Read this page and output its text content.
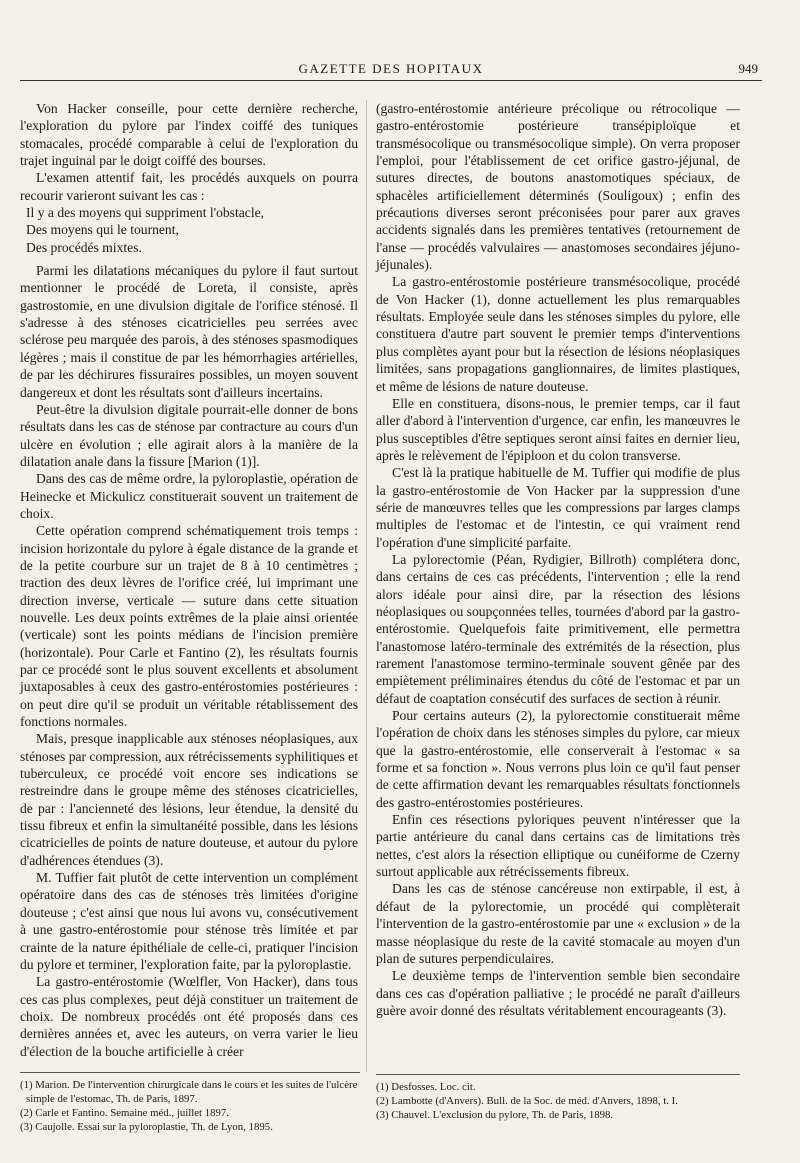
GAZETTE DES HOPITAUX	949

Von Hacker conseille, pour cette dernière recherche, l'exploration du pylore par l'index coiffé des tuniques stomacales, procédé comparable à celui de l'exploration du trajet inguinal par le doigt coiffé des bourses.

L'examen attentif fait, les procédés auxquels on pourra recourir varieront suivant les cas :

Il y a des moyens qui suppriment l'obstacle,

Des moyens qui le tournent,

Des procédés mixtes.

Parmi les dilatations mécaniques du pylore il faut surtout mentionner le procédé de Loreta, il consiste, après gastrostomie, en une divulsion digitale de l'orifice sténosé. Il s'adresse à des sténoses cicatricielles peu serrées avec sclérose peu marquée des parois, à des sténoses spasmodiques légères ; mais il constitue de par les hémorrhagies artérielles, de par les déchirures fissuraires possibles, un moyen souvent dangereux et dont les résultats sont d'ailleurs incertains.

Peut-être la divulsion digitale pourrait-elle donner de bons résultats dans les cas de sténose par contracture au cours d'un ulcère en évolution ; elle agirait alors à la manière de la dilatation anale dans la fissure [Marion (1)].

Dans des cas de même ordre, la pyloroplastie, opération de Heinecke et Mickulicz constituerait souvent un traitement de choix.

Cette opération comprend schématiquement trois temps : incision horizontale du pylore à égale distance de la grande et de la petite courbure sur un trajet de 8 à 10 centimètres ; traction des deux lèvres de l'orifice créé, lui imprimant une direction inverse, verticale — suture dans cette situation nouvelle. Les deux points extrêmes de la plaie ainsi orientée (verticale) sont les points médians de l'incision première (horizontale). Pour Carle et Fantino (2), les résultats fournis par ce procédé sont le plus souvent excellents et absolument juxtaposables à ceux des gastro-entérostomies postérieures : on peut dire qu'il se produit un véritable rétablissement des fonctions normales.

Mais, presque inapplicable aux sténoses néoplasiques, aux sténoses par compression, aux rétrécissements syphilitiques et tuberculeux, ce procédé voit encore ses indications se restreindre dans le groupe même des sténoses cicatricielles, de par : l'ancienneté des lésions, leur étendue, la densité du tissu fibreux et enfin la simultanéité possible, dans les lésions cicatricielles de points de nature douteuse, et autour du pylore d'adhérences étendues (3).

M. Tuffier fait plutôt de cette intervention un complément opératoire dans des cas de sténoses très limitées d'origine douteuse ; c'est ainsi que nous lui avons vu, consécutivement à une gastro-entérostomie pour sténose très limitée et par crainte de la nature épithéliale de celle-ci, pratiquer l'incision du pylore et terminer, l'exploration faite, par la pyloroplastie.

La gastro-entérostomie (Wœlfler, Von Hacker), dans tous ces cas plus complexes, peut déjà constituer un traitement de choix. De nombreux procédés ont été proposés dans ces dernières années et, avec les auteurs, on verra varier le lieu d'élection de la bouche artificielle à créer

(gastro-entérostomie antérieure précolique ou rétrocolique — gastro-entérostomie postérieure transépiploïque et transmésocolique ou transmésocolique simple). On verra proposer l'emploi, pour l'établissement de cet orifice gastro-jéjunal, de sutures directes, de boutons anastomotiques spéciaux, de sphacèles artificiellement déterminés (Souligoux) ; enfin des précautions diverses seront préconisées pour parer aux graves accidents signalés dans les premières tentatives (retournement de l'anse — procédés valvulaires — anastomoses secondaires jéjuno-jéjunales).

La gastro-entérostomie postérieure transmésocolique, procédé de Von Hacker (1), donne actuellement les plus remarquables résultats. Employée seule dans les sténoses simples du pylore, elle constituera d'autre part souvent le premier temps d'interventions plus complètes ayant pour but la résection de lésions néoplasiques limitées, sans propagations ganglionnaires, de limites plastiques, et même de lésions de nature douteuse.

Elle en constituera, disons-nous, le premier temps, car il faut aller d'abord à l'intervention d'urgence, car enfin, les manœuvres le plus susceptibles d'être septiques seront ainsi faites en dernier lieu, après le relèvement de l'épiploon et du colon transverse.

C'est là la pratique habituelle de M. Tuffier qui modifie de plus la gastro-entérostomie de Von Hacker par la suppression d'une série de manœuvres telles que les compressions par larges clamps multiples de l'estomac et de l'intestin, ce qui vraiment rend l'opération d'une simplicité parfaite.

La pylorectomie (Péan, Rydigier, Billroth) complétera donc, dans certains de ces cas précédents, l'intervention ; elle la rend alors idéale pour ainsi dire, par la résection des lésions néoplasiques ou soupçonnées telles, tournées d'abord par la gastro-entérostomie. Quelquefois faite primitivement, elle permettra l'anastomose latéro-terminale des extrémités de la résection, plus rarement l'anastomose termino-terminale souvent gênée par des empiètement préliminaires étendus du côté de l'estomac et par un défaut de coaptation consécutif des surfaces de section à réunir.

Pour certains auteurs (2), la pylorectomie constituerait même l'opération de choix dans les sténoses simples du pylore, car mieux que la gastro-entérostomie, elle conserverait à l'estomac « sa forme et sa fonction ». Nous verrons plus loin ce qu'il faut penser de cette affirmation devant les remarquables résultats fonctionnels des gastro-entérostomies postérieures.

Enfin ces résections pyloriques peuvent n'intéresser que la partie antérieure du canal dans certains cas de limitations très nettes, c'est alors la résection elliptique ou cunéiforme de Czerny surtout applicable aux rétrécissements fibreux.

Dans les cas de sténose cancéreuse non extirpable, il est, à défaut de la pylorectomie, un procédé qui complèterait l'intervention de la gastro-entérostomie par une « exclusion » de la masse néoplasique du reste de la cavité stomacale au moyen d'un plan de sutures perpendiculaires.

Le deuxième temps de l'intervention semble bien secondaire dans ces cas d'opération palliative ; le procédé ne paraît d'ailleurs guère avoir donné des résultats véritablement encourageants (3).

(1) Marion. De l'intervention chirurgicale dans le cours et les suites de l'ulcère simple de l'estomac, Th. de Paris, 1897.

(2) Carle et Fantino. Semaine méd., juillet 1897.

(3) Caujolle. Essai sur la pyloroplastie, Th. de Lyon, 1895.

(1) Desfosses. Loc. cit.

(2) Lambotte (d'Anvers). Bull. de la Soc. de méd. d'Anvers, 1898, t. I.

(3) Chauvel. L'exclusion du pylore, Th. de Paris, 1898.
